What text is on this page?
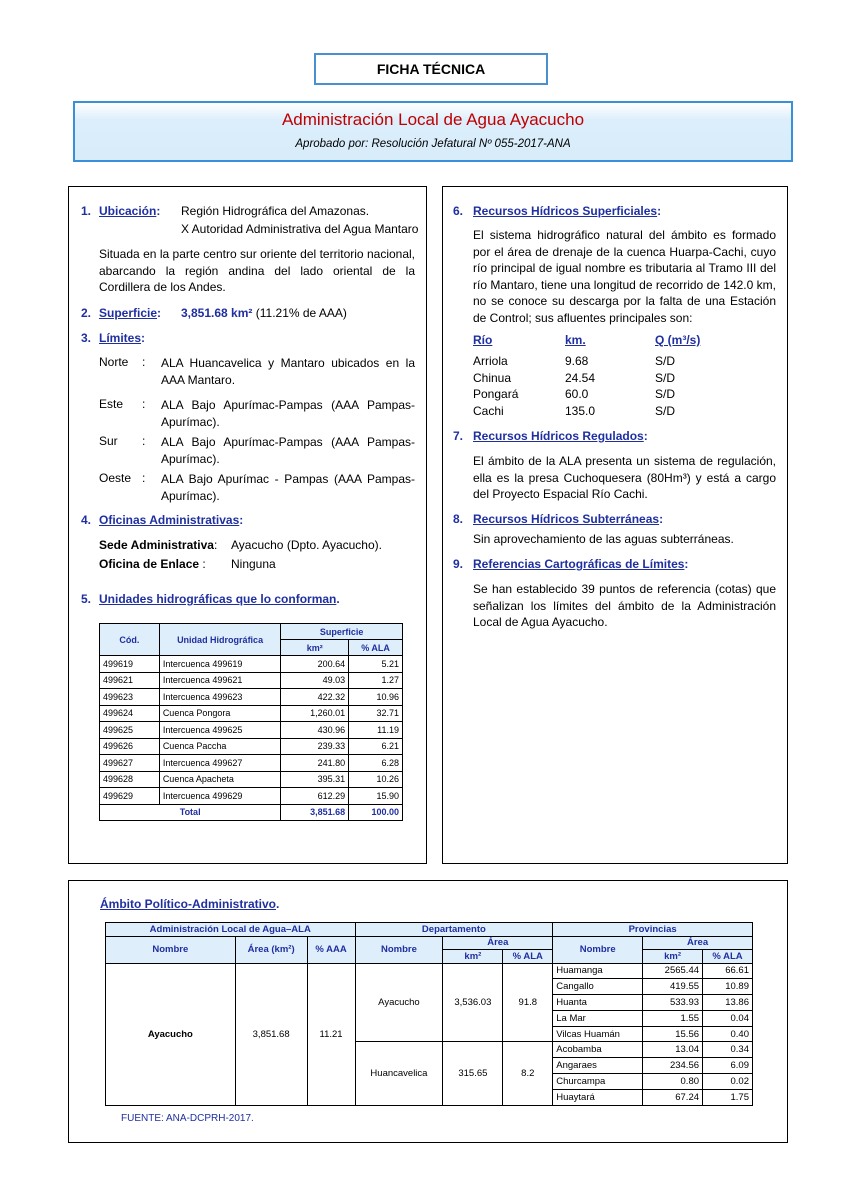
FICHA TÉCNICA
Administración Local de Agua Ayacucho
Aprobado por: Resolución Jefatural Nº 055-2017-ANA
1. Ubicación: Región Hidrográfica del Amazonas.
X Autoridad Administrativa del Agua Mantaro
Situada en la parte centro sur oriente del territorio nacional, abarcando la región andina del lado oriental de la Cordillera de los Andes.
2. Superficie: 3,851.68 km² (11.21% de AAA)
3. Límites:
Norte : ALA Huancavelica y Mantaro ubicados en la AAA Mantaro.
Este : ALA Bajo Apurímac-Pampas (AAA Pampas-Apurímac).
Sur : ALA Bajo Apurímac-Pampas (AAA Pampas-Apurímac).
Oeste : ALA Bajo Apurímac - Pampas (AAA Pampas-Apurímac).
4. Oficinas Administrativas:
Sede Administrativa: Ayacucho (Dpto. Ayacucho).
Oficina de Enlace : Ninguna
5. Unidades hidrográficas que lo conforman.
Cód.	Unidad Hidrográfica	Superficie	
		km²	% ALA
499619	Intercuenca 499619	200.64	5.21
499621	Intercuenca 499621	49.03	1.27
499623	Intercuenca 499623	422.32	10.96
499624	Cuenca Pongora	1,260.01	32.71
499625	Intercuenca 499625	430.96	11.19
499626	Cuenca Paccha	239.33	6.21
499627	Intercuenca 499627	241.80	6.28
499628	Cuenca Apacheta	395.31	10.26
499629	Intercuenca 499629	612.29	15.90
Total		3,851.68	100.00
6. Recursos Hídricos Superficiales:
El sistema hidrográfico natural del ámbito es formado por el área de drenaje de la cuenca Huarpa-Cachi, cuyo río principal de igual nombre es tributaria al Tramo III del río Mantaro, tiene una longitud de recorrido de 142.0 km, no se conoce su descarga por la falta de una Estación de Control; sus afluentes principales son:
Río	km.	Q (m³/s)
Arriola	9.68	S/D
Chinua	24.54	S/D
Pongará	60.0	S/D
Cachi	135.0	S/D
7. Recursos Hídricos Regulados:
El ámbito de la ALA presenta un sistema de regulación, ella es la presa Cuchoquesera (80Hm³) y está a cargo del Proyecto Espacial Río Cachi.
8. Recursos Hídricos Subterráneas:
Sin aprovechamiento de las aguas subterráneas.
9. Referencias Cartográficas de Límites:
Se han establecido 39 puntos de referencia (cotas) que señalizan los límites del ámbito de la Administración Local de Agua Ayacucho.
Ámbito Político-Administrativo.
Administración Local de Agua–ALA			Departamento			Provincias		
Nombre	Área (km²)	% AAA	Nombre	Área		Nombre	Área	
				km²	% ALA		km²	% ALA
Ayacucho	3,851.68	11.21	Ayacucho	3,536.03	91.8	Huamanga	2565.44	66.61
						Cangallo	419.55	10.89
						Huanta	533.93	13.86
						La Mar	1.55	0.04
						Vilcas Huamán	15.56	0.40
			Huancavelica	315.65	8.2	Acobamba	13.04	0.34
						Angaraes	234.56	6.09
						Churcampa	0.80	0.02
						Huaytará	67.24	1.75
FUENTE: ANA-DCPRH-2017.
